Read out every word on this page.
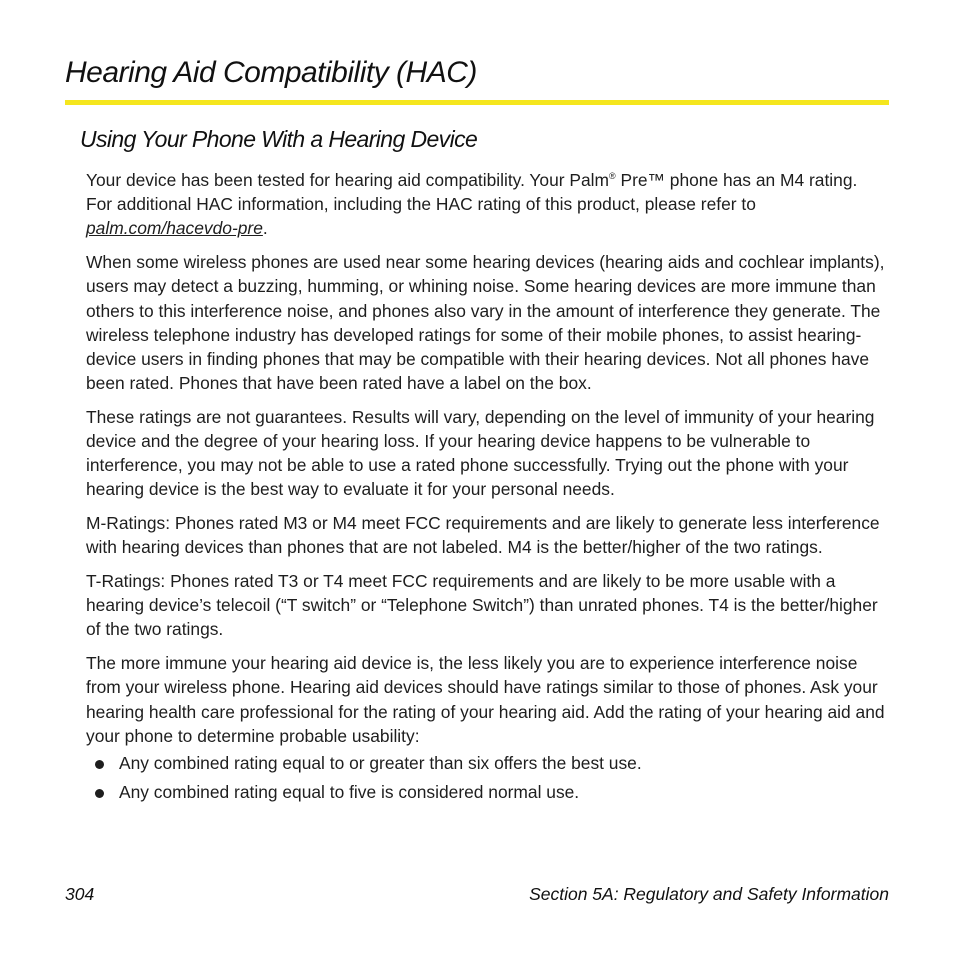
Hearing Aid Compatibility (HAC)
Using Your Phone With a Hearing Device

Your device has been tested for hearing aid compatibility. Your Palm® Pre™ phone has an M4 rating. For additional HAC information, including the HAC rating of this product, please refer to palm.com/hacevdo-pre.

When some wireless phones are used near some hearing devices (hearing aids and cochlear implants), users may detect a buzzing, humming, or whining noise. Some hearing devices are more immune than others to this interference noise, and phones also vary in the amount of interference they generate. The wireless telephone industry has developed ratings for some of their mobile phones, to assist hearing-device users in finding phones that may be compatible with their hearing devices. Not all phones have been rated. Phones that have been rated have a label on the box.

These ratings are not guarantees. Results will vary, depending on the level of immunity of your hearing device and the degree of your hearing loss. If your hearing device happens to be vulnerable to interference, you may not be able to use a rated phone successfully. Trying out the phone with your hearing device is the best way to evaluate it for your personal needs.

M-Ratings: Phones rated M3 or M4 meet FCC requirements and are likely to generate less interference with hearing devices than phones that are not labeled. M4 is the better/higher of the two ratings.

T-Ratings: Phones rated T3 or T4 meet FCC requirements and are likely to be more usable with a hearing device’s telecoil (“T switch” or “Telephone Switch”) than unrated phones. T4 is the better/higher of the two ratings.

The more immune your hearing aid device is, the less likely you are to experience interference noise from your wireless phone. Hearing aid devices should have ratings similar to those of phones. Ask your hearing health care professional for the rating of your hearing aid. Add the rating of your hearing aid and your phone to determine probable usability:

Any combined rating equal to or greater than six offers the best use.
Any combined rating equal to five is considered normal use.
304	Section 5A: Regulatory and Safety Information
